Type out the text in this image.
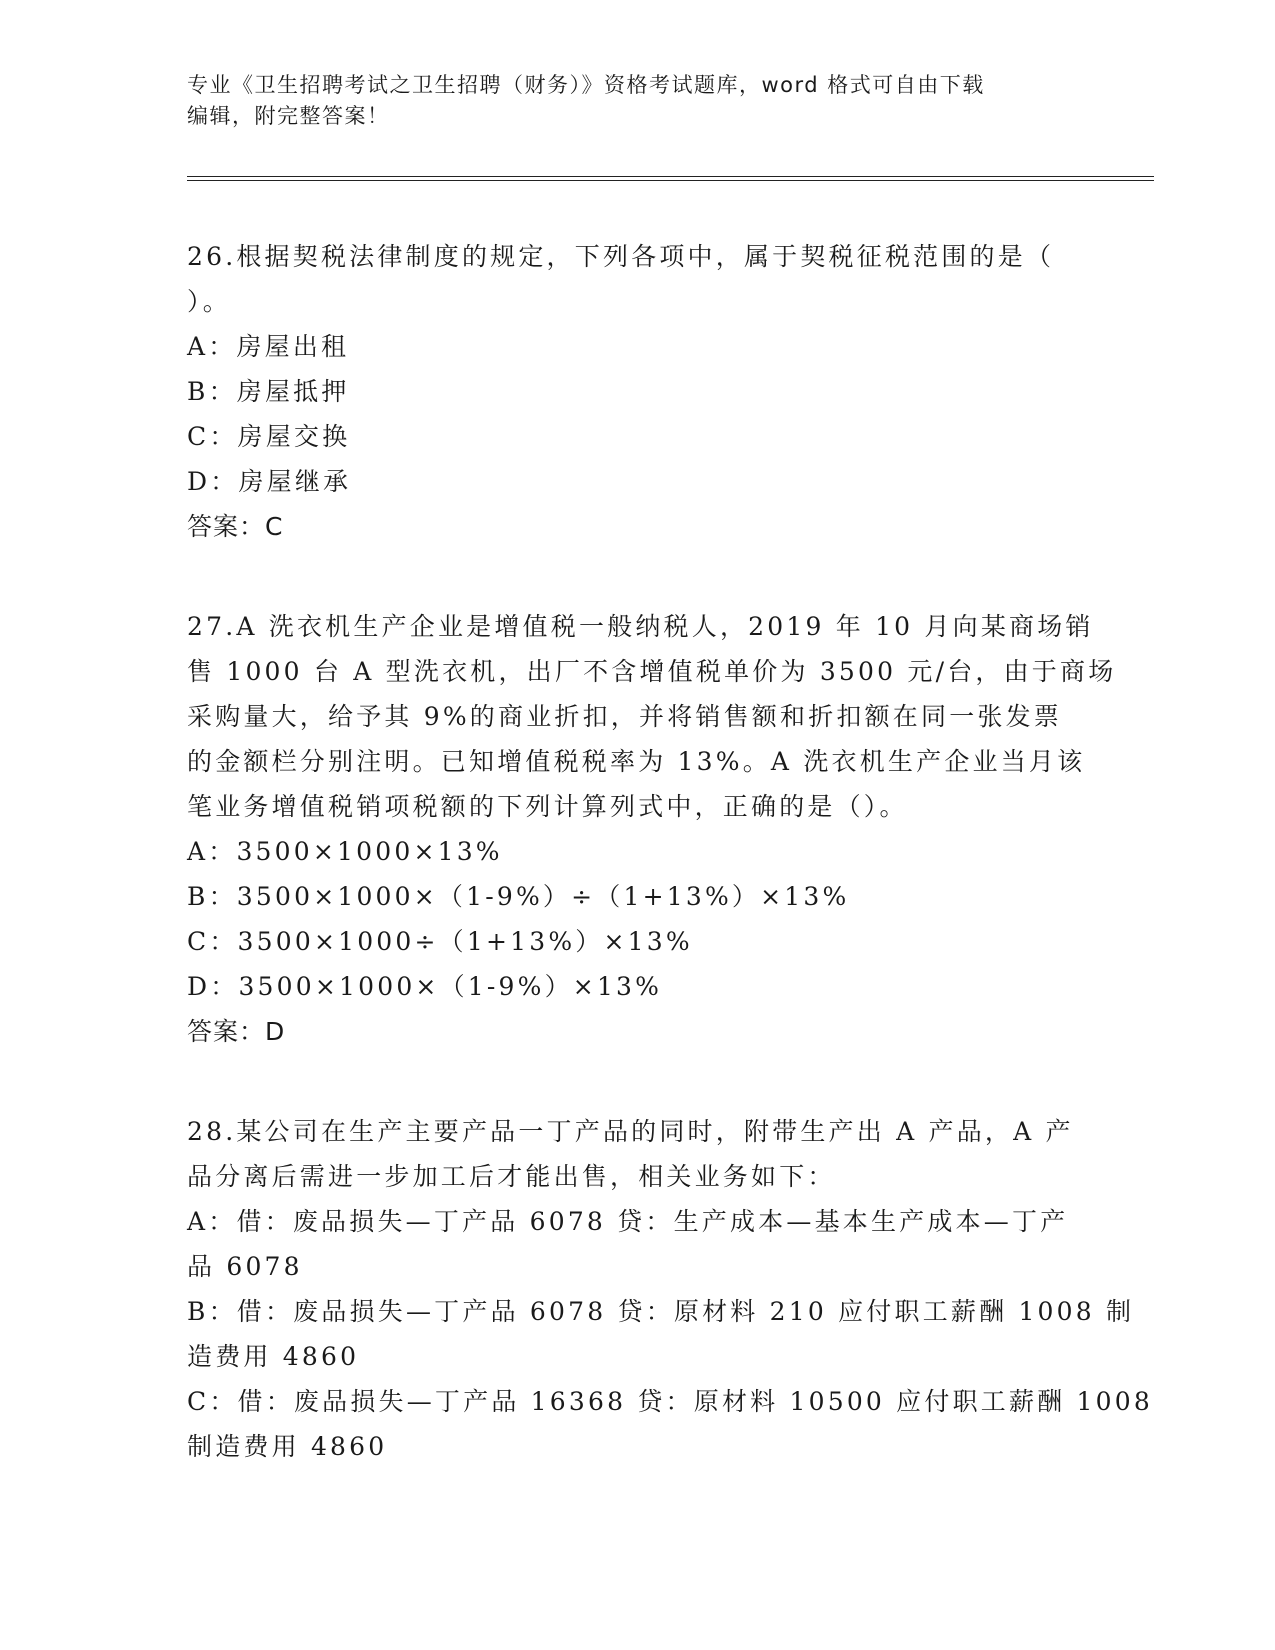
专业《卫生招聘考试之卫生招聘（财务）》资格考试题库，word 格式可自由下载
编辑，附完整答案！
26.根据契税法律制度的规定，下列各项中，属于契税征税范围的是（
）。
A：房屋出租
B：房屋抵押
C：房屋交换
D：房屋继承
答案：C
27.A 洗衣机生产企业是增值税一般纳税人，2019 年 10 月向某商场销
售 1000 台 A 型洗衣机，出厂不含增值税单价为 3500 元/台，由于商场
采购量大，给予其 9%的商业折扣，并将销售额和折扣额在同一张发票
的金额栏分别注明。已知增值税税率为 13%。A 洗衣机生产企业当月该
笔业务增值税销项税额的下列计算列式中，正确的是（）。
A：3500×1000×13%
B：3500×1000×（1-9%）÷（1+13%）×13%
C：3500×1000÷（1+13%）×13%
D：3500×1000×（1-9%）×13%
答案：D
28.某公司在生产主要产品一丁产品的同时，附带生产出 A 产品，A 产
品分离后需进一步加工后才能出售，相关业务如下：
A：借：废品损失—丁产品 6078 贷：生产成本—基本生产成本—丁产
品 6078
B：借：废品损失—丁产品 6078 贷：原材料 210 应付职工薪酬 1008 制
造费用 4860
C：借：废品损失—丁产品 16368 贷：原材料 10500 应付职工薪酬 1008
制造费用 4860
